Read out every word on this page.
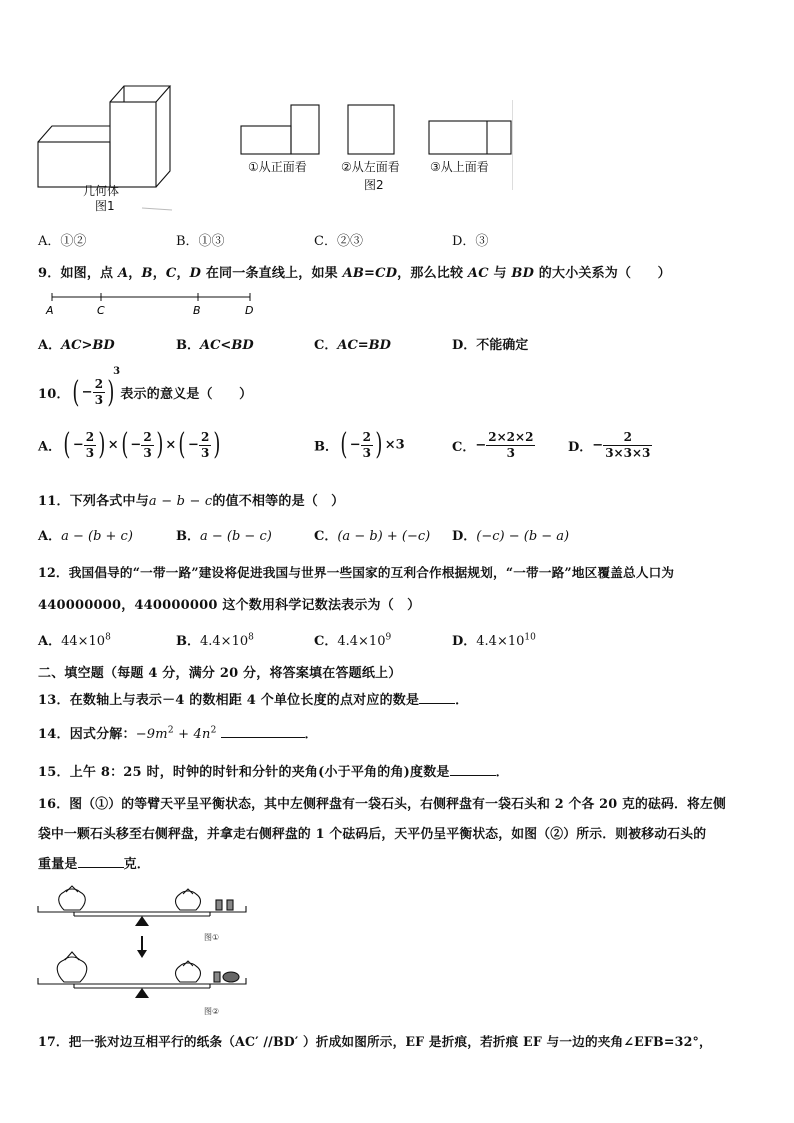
几何体
图1
①从正面看	②从左面看	③从上面看
图2
A．①②	B．①③	C．②③	D．③
9．如图，点 A，B，C，D 在同一条直线上，如果 AB=CD，那么比较 AC 与 BD 的大小关系为（　　）
A	C	B	D
A．AC>BD	B．AC<BD	C．AC=BD	D．不能确定
10．( − $\frac{2}{3} )^3$表示的意义是（　　）
A．( − $\frac{2}{3}$ ) ×( − $\frac{2}{3}$ ) ×( − $\frac{2}{3}$ )	B．( − $\frac{2}{3}$ ) ×3	C．− $\frac{2\times 2\times 2}{3}$	D．− $\frac{2}{3\times 3\times 3}$
11．下列各式中与a − b − c的值不相等的是（　）
A．a − (b + c)	B．a − (b − c)	C．(a − b) + (−c) D．(−c) − (b − a)
12．我国倡导的“一带一路”建设将促进我国与世界一些国家的互利合作根据规划，“一带一路”地区覆盖总人口为
440000000，440000000 这个数用科学记数法表示为（　）
A．$44\times 10^8$	B．$4.4\times 10^8$	C．$4.4\times 10^9$	D．$4.4\times 10^{10}$
二、填空题（每题 4 分，满分 20 分，将答案填在答题纸上）
13．在数轴上与表示－4 的数相距 4 个单位长度的点对应的数是	．
14．因式分解：$-9m^2 + 4n^2$	．
15．上午 8：25 时，时钟的时针和分针的夹角(小于平角的角)度数是	．
16．图（①）的等臂天平呈平衡状态，其中左侧秤盘有一袋石头，右侧秤盘有一袋石头和 2 个各 20 克的砝码．将左侧
袋中一颗石头移至右侧秤盘，并拿走右侧秤盘的 1 个砝码后，天平仍呈平衡状态，如图（②）所示．则被移动石头的
重量是	克．
图①
图②
17．把一张对边互相平行的纸条（AC′ //BD′ ）折成如图所示，EF 是折痕，若折痕 EF 与一边的夹角∠EFB=32°，
